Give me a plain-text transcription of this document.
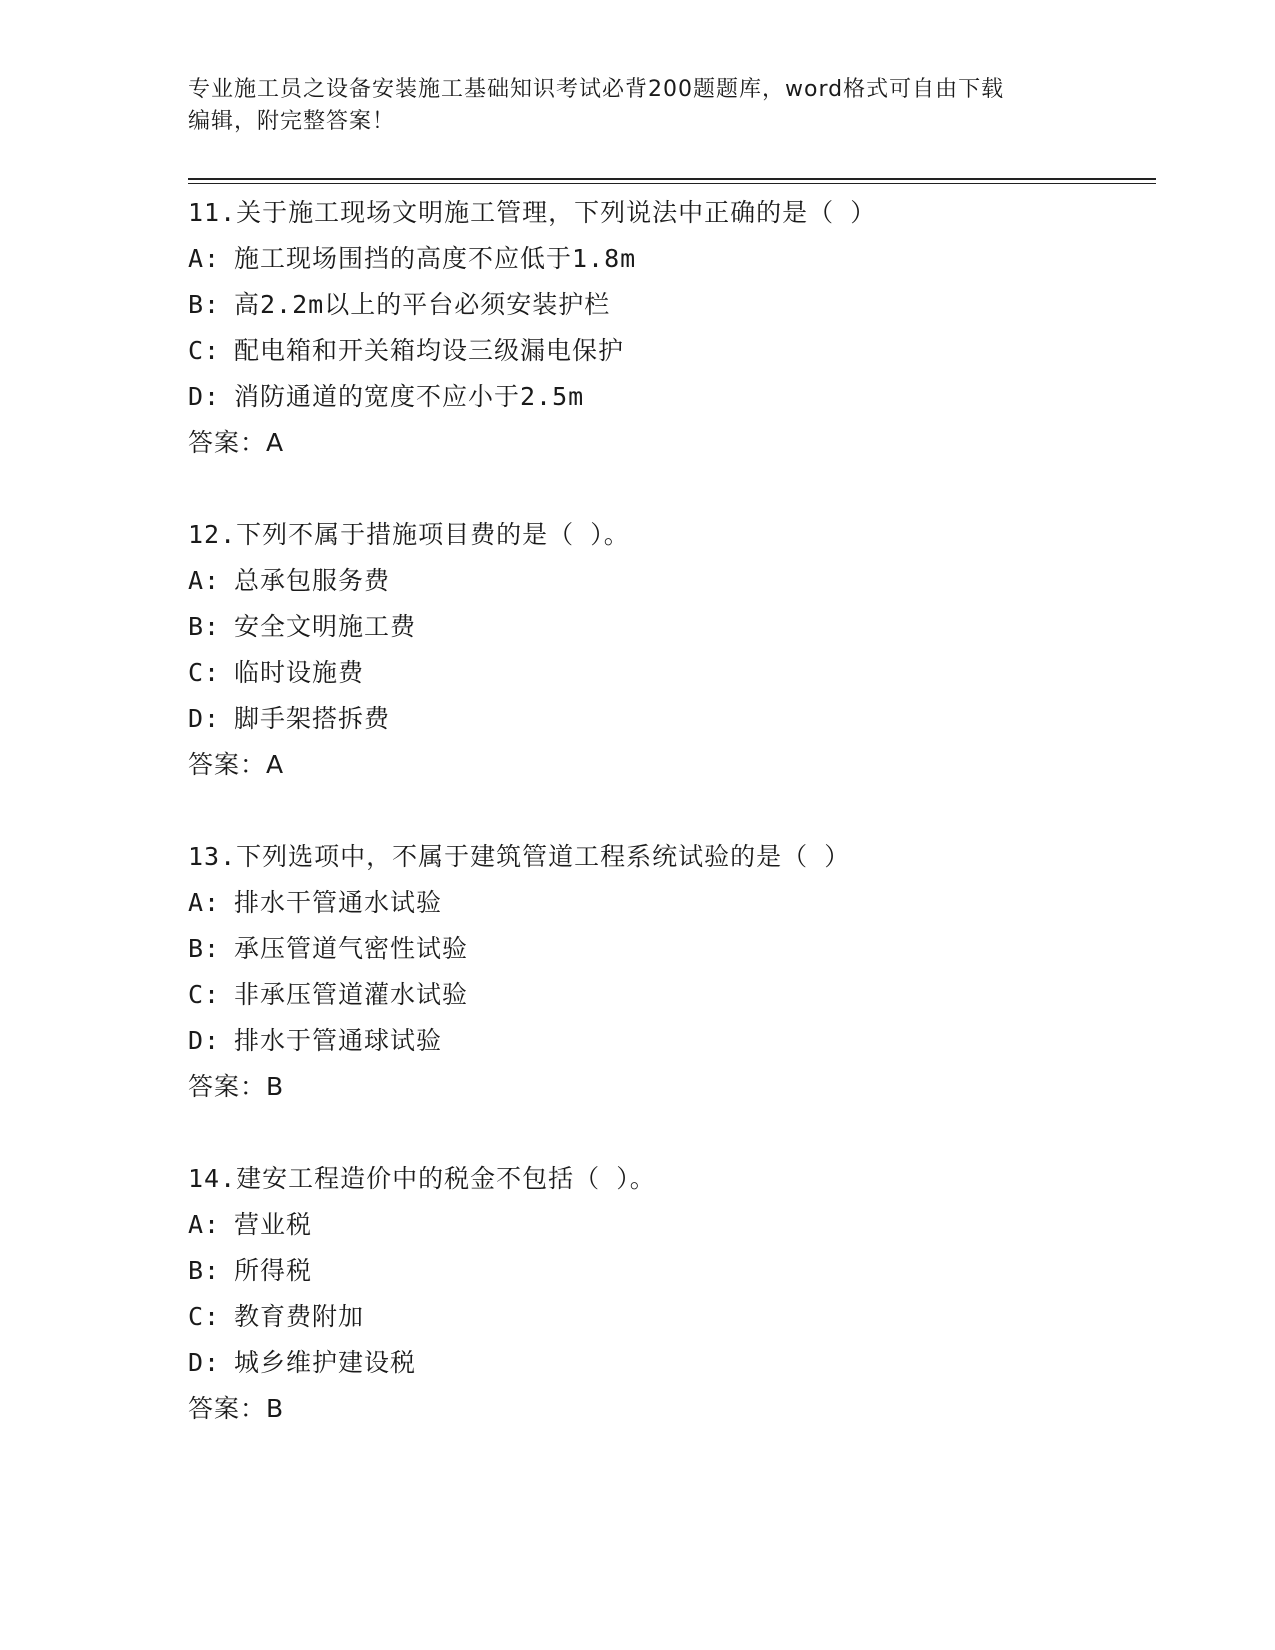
专业施工员之设备安装施工基础知识考试必背200题题库，word格式可自由下载
编辑，附完整答案！
11.关于施工现场文明施工管理，下列说法中正确的是（ ）
A: 施工现场围挡的高度不应低于1.8m
B: 高2.2m以上的平台必须安装护栏
C: 配电箱和开关箱均设三级漏电保护
D: 消防通道的宽度不应小于2.5m
答案：A
12.下列不属于措施项目费的是（ ）。
A: 总承包服务费
B: 安全文明施工费
C: 临时设施费
D: 脚手架搭拆费
答案：A
13.下列选项中，不属于建筑管道工程系统试验的是（ ）
A: 排水干管通水试验
B: 承压管道气密性试验
C: 非承压管道灌水试验
D: 排水于管通球试验
答案：B
14.建安工程造价中的税金不包括（ ）。
A: 营业税
B: 所得税
C: 教育费附加
D: 城乡维护建设税
答案：B
